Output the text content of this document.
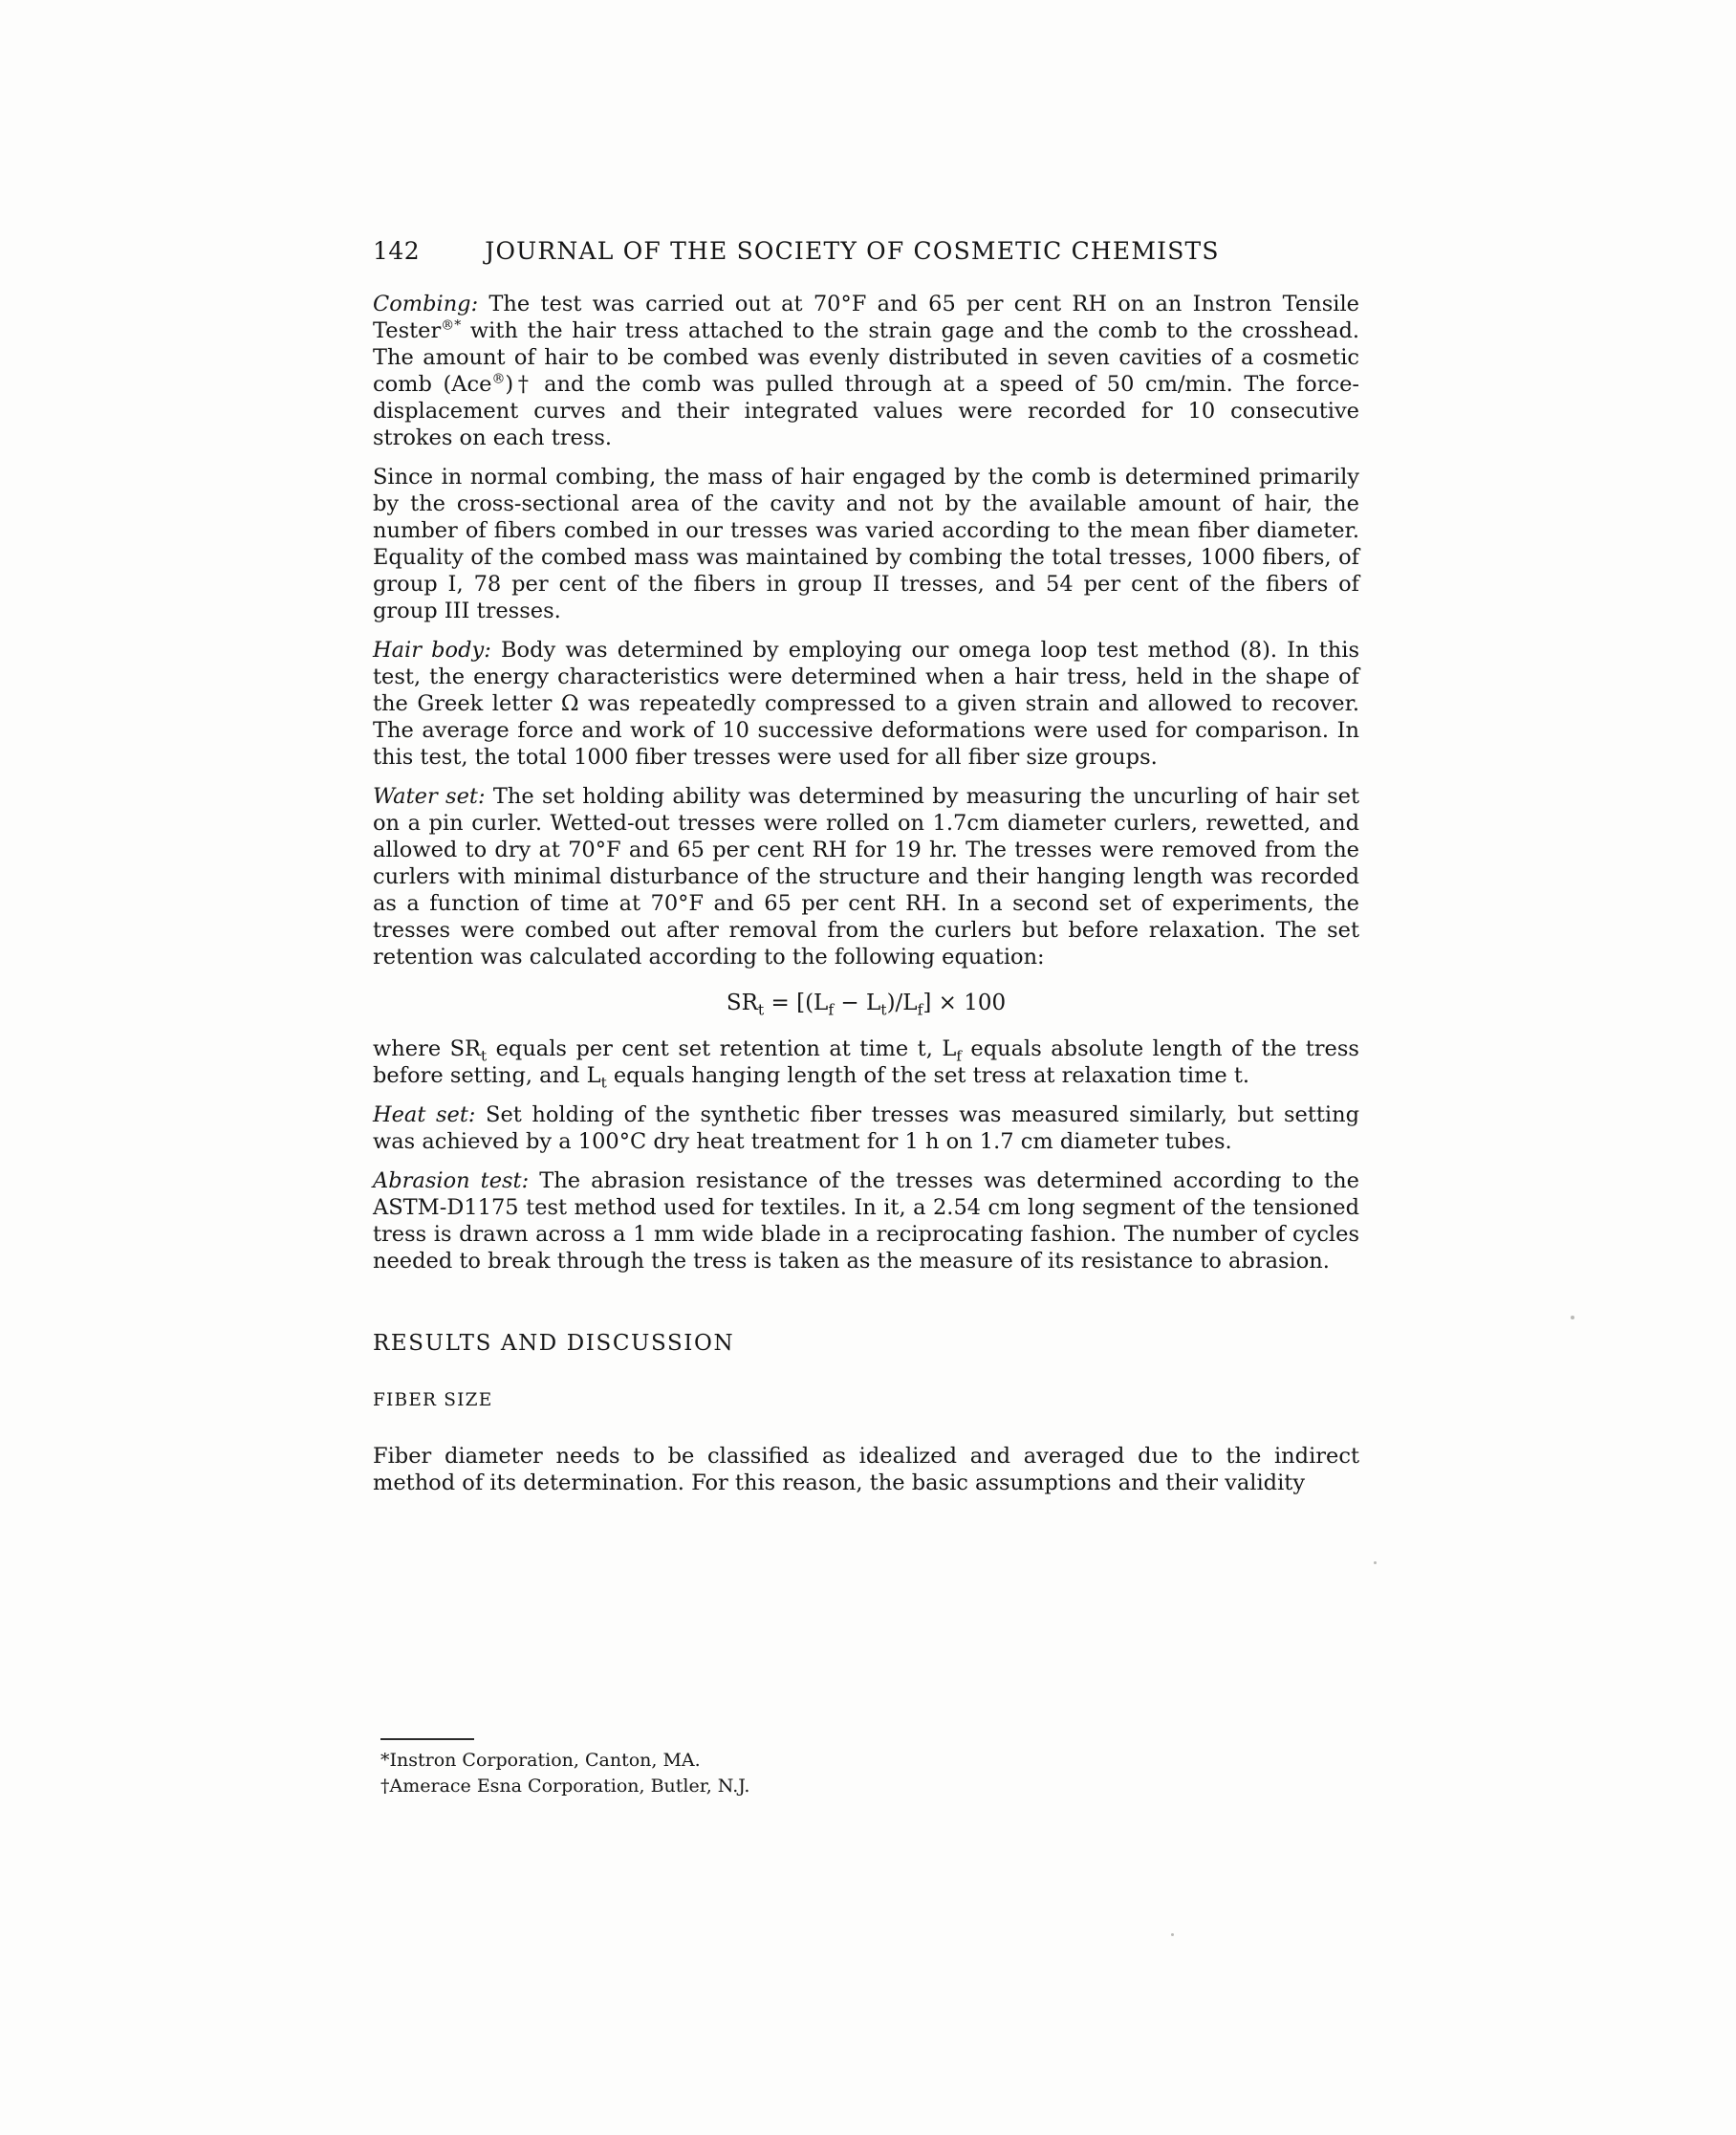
142	JOURNAL OF THE SOCIETY OF COSMETIC CHEMISTS

Combing: The test was carried out at 70°F and 65 per cent RH on an Instron Tensile Tester®* with the hair tress attached to the strain gage and the comb to the crosshead. The amount of hair to be combed was evenly distributed in seven cavities of a cosmetic comb (Ace®)† and the comb was pulled through at a speed of 50 cm/min. The force-displacement curves and their integrated values were recorded for 10 consecutive strokes on each tress.

Since in normal combing, the mass of hair engaged by the comb is determined primarily by the cross-sectional area of the cavity and not by the available amount of hair, the number of fibers combed in our tresses was varied according to the mean fiber diameter. Equality of the combed mass was maintained by combing the total tresses, 1000 fibers, of group I, 78 per cent of the fibers in group II tresses, and 54 per cent of the fibers of group III tresses.

Hair body: Body was determined by employing our omega loop test method (8). In this test, the energy characteristics were determined when a hair tress, held in the shape of the Greek letter Ω was repeatedly compressed to a given strain and allowed to recover. The average force and work of 10 successive deformations were used for comparison. In this test, the total 1000 fiber tresses were used for all fiber size groups.

Water set: The set holding ability was determined by measuring the uncurling of hair set on a pin curler. Wetted-out tresses were rolled on 1.7cm diameter curlers, rewetted, and allowed to dry at 70°F and 65 per cent RH for 19 hr. The tresses were removed from the curlers with minimal disturbance of the structure and their hanging length was recorded as a function of time at 70°F and 65 per cent RH. In a second set of experiments, the tresses were combed out after removal from the curlers but before relaxation. The set retention was calculated according to the following equation:

$SR_t = [(L_f - L_t)/L_f] \times 100$

where $SR_t$ equals per cent set retention at time t, $L_f$ equals absolute length of the tress before setting, and $L_t$ equals hanging length of the set tress at relaxation time t.

Heat set: Set holding of the synthetic fiber tresses was measured similarly, but setting was achieved by a 100°C dry heat treatment for 1 h on 1.7 cm diameter tubes.

Abrasion test: The abrasion resistance of the tresses was determined according to the ASTM-D1175 test method used for textiles. In it, a 2.54 cm long segment of the tensioned tress is drawn across a 1 mm wide blade in a reciprocating fashion. The number of cycles needed to break through the tress is taken as the measure of its resistance to abrasion.

RESULTS AND DISCUSSION

FIBER SIZE

Fiber diameter needs to be classified as idealized and averaged due to the indirect method of its determination. For this reason, the basic assumptions and their validity

*Instron Corporation, Canton, MA.
†Amerace Esna Corporation, Butler, N.J.
